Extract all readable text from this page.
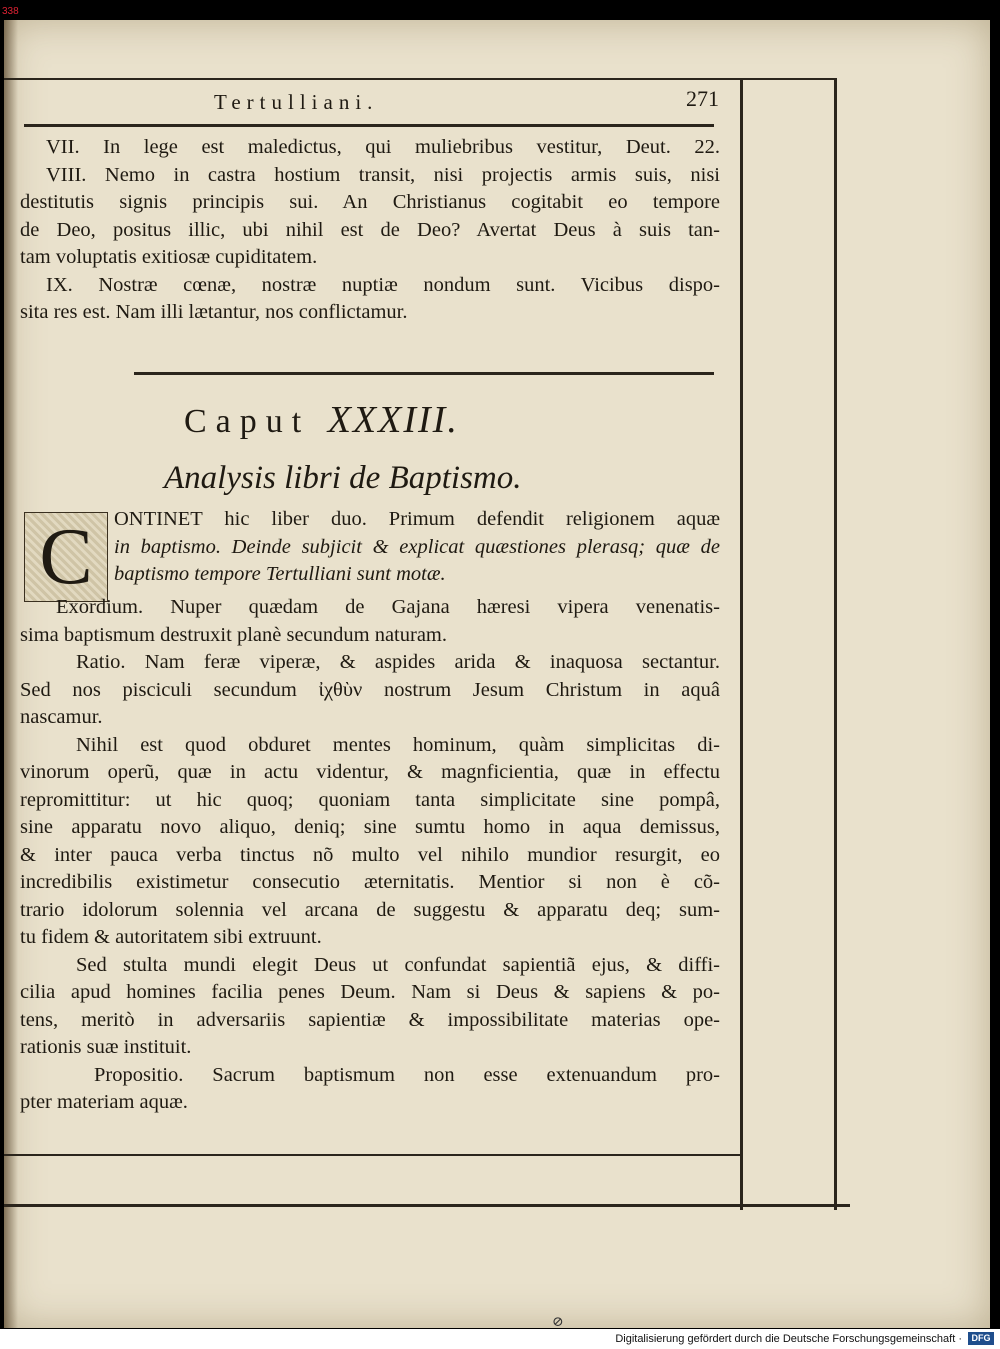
338
Tertulliani.	271
VII. In lege est maledictus, qui muliebribus vestitur, Deut. 22.
VIII. Nemo in castra hostium transit, nisi projectis armis suis, nisi
destitutis signis principis sui. An Christianus cogitabit eo tempore
de Deo, positus illic, ubi nihil est de Deo? Avertat Deus à suis tan-
tam voluptatis exitiosæ cupiditatem.
IX. Nostræ cœnæ, nostræ nuptiæ nondum sunt. Vicibus dispo-
sita res est. Nam illi lætantur, nos conflictamur.
Caput XXXIII.
Analysis libri de Baptismo.
C	ONTINET hic liber duo. Primum defendit religionem aquæ
in baptismo. Deinde subjicit & explicat quæstiones plerasq; quæ de
baptismo tempore Tertulliani sunt motæ.
Exordium. Nuper quædam de Gajana hæresi vipera venenatis-
sima baptismum destruxit planè secundum naturam.
Ratio. Nam feræ viperæ, & aspides arida & inaquosa sectantur.
Sed nos pisciculi secundum ἰχθὺν nostrum Jesum Christum in aquâ
nascamur.
Nihil est quod obduret mentes hominum, quàm simplicitas di-
vinorum operũ, quæ in actu videntur, & magnficientia, quæ in effectu
repromittitur: ut hic quoq; quoniam tanta simplicitate sine pompâ,
sine apparatu novo aliquo, deniq; sine sumtu homo in aqua demissus,
& inter pauca verba tinctus nõ multo vel nihilo mundior resurgit, eo
incredibilis existimetur consecutio æternitatis. Mentior si non è cõ-
trario idolorum solennia vel arcana de suggestu & apparatu deq; sum-
tu fidem & autoritatem sibi extruunt.
Sed stulta mundi elegit Deus ut confundat sapientiã ejus, & diffi-
cilia apud homines facilia penes Deum. Nam si Deus & sapiens & po-
tens, meritò in adversariis sapientiæ & impossibilitate materias ope-
rationis suæ instituit.
Propositio. Sacrum baptismum non esse extenuandum pro-
pter materiam aquæ.
⊘
Digitalisierung gefördert durch die Deutsche Forschungsgemeinschaft ·	DFG
